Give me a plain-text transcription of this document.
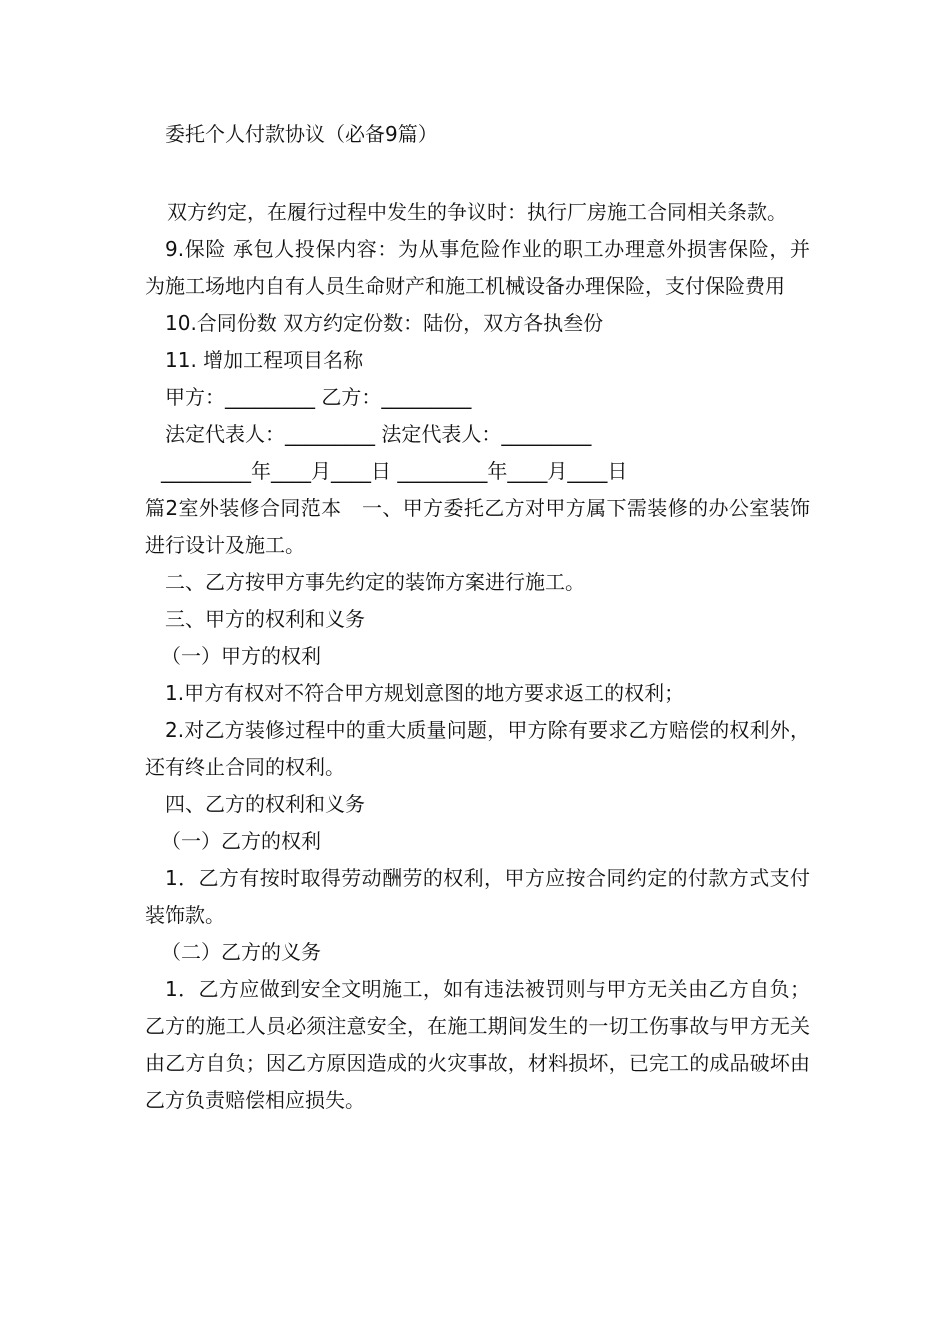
委托个人付款协议（必备9篇）

双方约定，在履行过程中发生的争议时：执行厂房施工合同相关条款。

9.保险 承包人投保内容：为从事危险作业的职工办理意外损害保险，并为施工场地内自有人员生命财产和施工机械设备办理保险，支付保险费用

10.合同份数 双方约定份数：陆份，双方各执叁份

11. 增加工程项目名称

甲方：_________ 乙方：_________

法定代表人：_________ 法定代表人：_________

_________年____月____日 _________年____月____日

篇2室外装修合同范本　一、甲方委托乙方对甲方属下需装修的办公室装饰进行设计及施工。

二、乙方按甲方事先约定的装饰方案进行施工。

三、甲方的权利和义务

（一）甲方的权利

1.甲方有权对不符合甲方规划意图的地方要求返工的权利；

2.对乙方装修过程中的重大质量问题，甲方除有要求乙方赔偿的权利外，还有终止合同的权利。

四、乙方的权利和义务

（一）乙方的权利

1．乙方有按时取得劳动酬劳的权利，甲方应按合同约定的付款方式支付装饰款。

（二）乙方的义务

1．乙方应做到安全文明施工，如有违法被罚则与甲方无关由乙方自负；乙方的施工人员必须注意安全，在施工期间发生的一切工伤事故与甲方无关由乙方自负；因乙方原因造成的火灾事故，材料损坏，已完工的成品破坏由乙方负责赔偿相应损失。
